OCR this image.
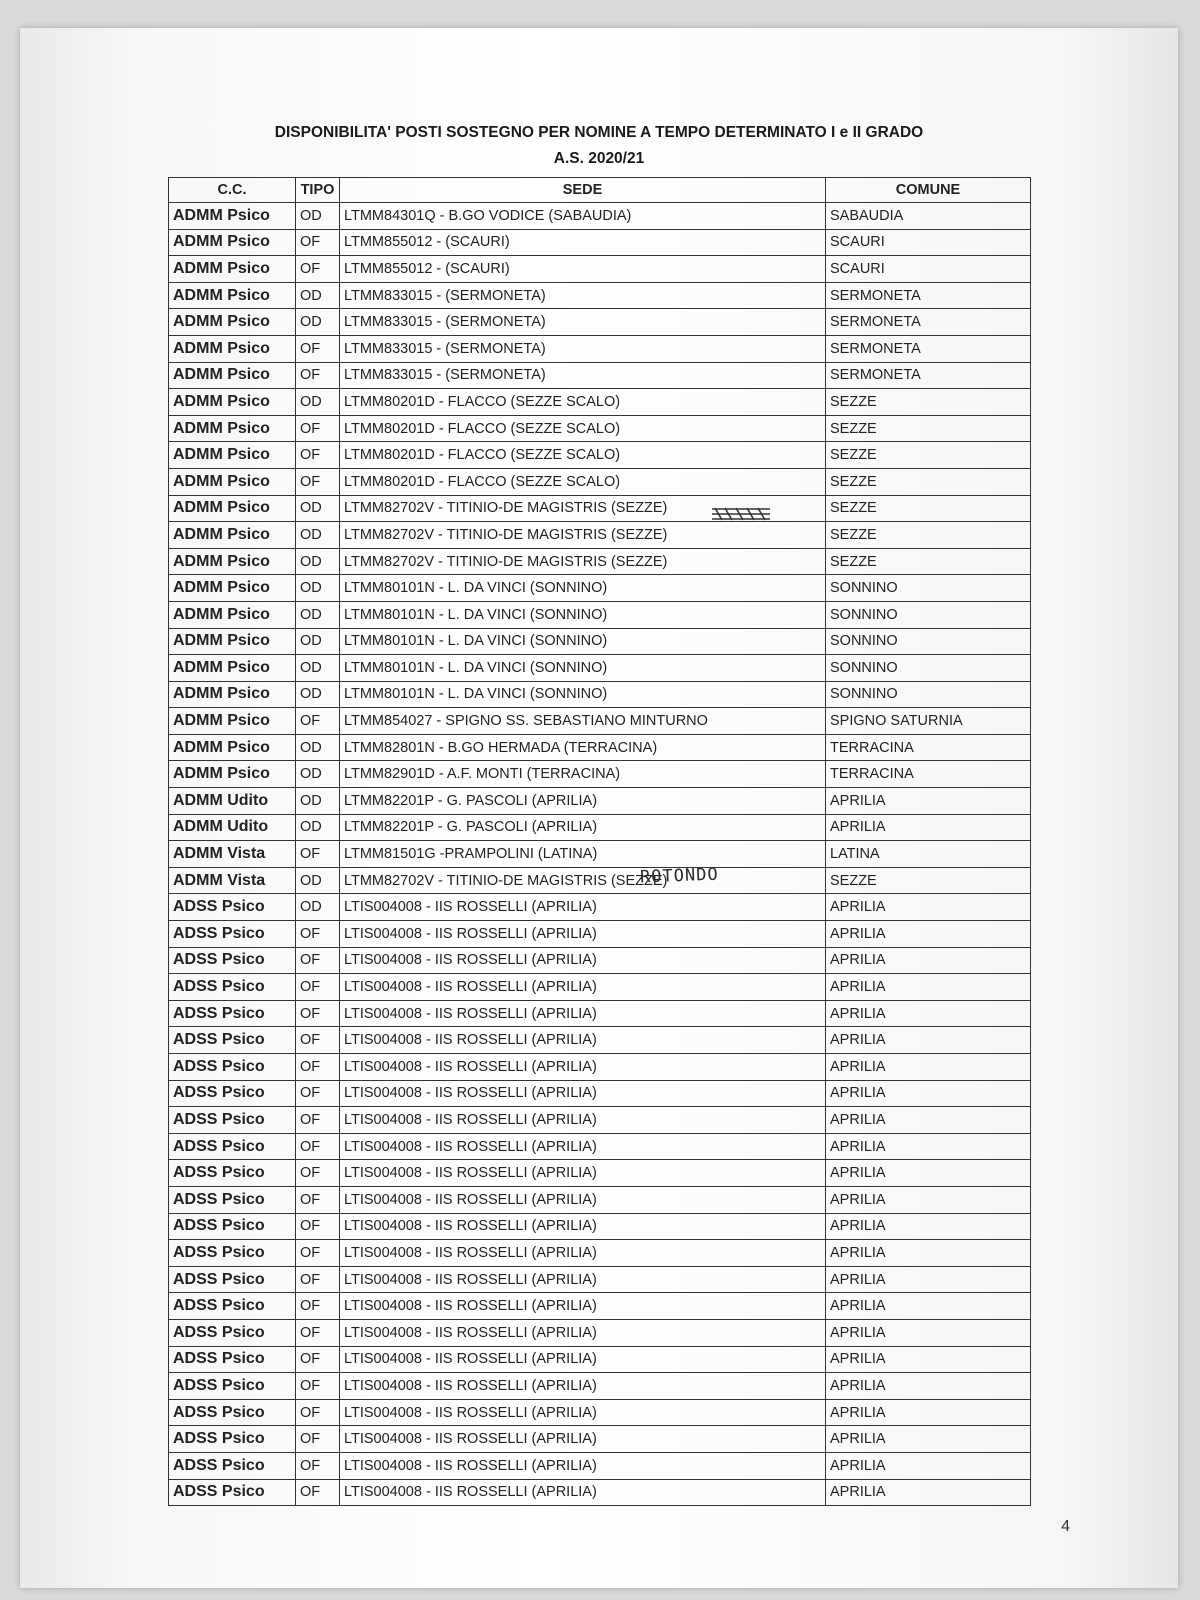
DISPONIBILITA' POSTI SOSTEGNO PER NOMINE A TEMPO DETERMINATO I e II GRADO
A.S. 2020/21
C.C.	TIPO	SEDE	COMUNE
ADMM Psico	OD	LTMM84301Q - B.GO VODICE (SABAUDIA)	SABAUDIA
ADMM Psico	OF	LTMM855012 - (SCAURI)	SCAURI
ADMM Psico	OF	LTMM855012 - (SCAURI)	SCAURI
ADMM Psico	OD	LTMM833015 - (SERMONETA)	SERMONETA
ADMM Psico	OD	LTMM833015 - (SERMONETA)	SERMONETA
ADMM Psico	OF	LTMM833015 - (SERMONETA)	SERMONETA
ADMM Psico	OF	LTMM833015 - (SERMONETA)	SERMONETA
ADMM Psico	OD	LTMM80201D - FLACCO (SEZZE SCALO)	SEZZE
ADMM Psico	OF	LTMM80201D - FLACCO (SEZZE SCALO)	SEZZE
ADMM Psico	OF	LTMM80201D - FLACCO (SEZZE SCALO)	SEZZE
ADMM Psico	OF	LTMM80201D - FLACCO (SEZZE SCALO)	SEZZE
ADMM Psico	OD	LTMM82702V - TITINIO-DE MAGISTRIS (SEZZE)	SEZZE
ADMM Psico	OD	LTMM82702V - TITINIO-DE MAGISTRIS (SEZZE)	SEZZE
ADMM Psico	OD	LTMM82702V - TITINIO-DE MAGISTRIS (SEZZE)	SEZZE
ADMM Psico	OD	LTMM80101N - L. DA VINCI (SONNINO)	SONNINO
ADMM Psico	OD	LTMM80101N - L. DA VINCI (SONNINO)	SONNINO
ADMM Psico	OD	LTMM80101N - L. DA VINCI (SONNINO)	SONNINO
ADMM Psico	OD	LTMM80101N - L. DA VINCI (SONNINO)	SONNINO
ADMM Psico	OD	LTMM80101N - L. DA VINCI (SONNINO)	SONNINO
ADMM Psico	OF	LTMM854027 - SPIGNO SS. SEBASTIANO MINTURNO	SPIGNO SATURNIA
ADMM Psico	OD	LTMM82801N - B.GO HERMADA (TERRACINA)	TERRACINA
ADMM Psico	OD	LTMM82901D - A.F. MONTI (TERRACINA)	TERRACINA
ADMM Udito	OD	LTMM82201P - G. PASCOLI (APRILIA)	APRILIA
ADMM Udito	OD	LTMM82201P - G. PASCOLI (APRILIA)	APRILIA
ADMM Vista	OF	LTMM81501G -PRAMPOLINI (LATINA)	LATINA
ADMM Vista	OD	LTMM82702V - TITINIO-DE MAGISTRIS (SEZZE)	SEZZE
ADSS Psico	OD	LTIS004008 - IIS ROSSELLI (APRILIA)	APRILIA
ADSS Psico	OF	LTIS004008 - IIS ROSSELLI (APRILIA)	APRILIA
ADSS Psico	OF	LTIS004008 - IIS ROSSELLI (APRILIA)	APRILIA
ADSS Psico	OF	LTIS004008 - IIS ROSSELLI (APRILIA)	APRILIA
ADSS Psico	OF	LTIS004008 - IIS ROSSELLI (APRILIA)	APRILIA
ADSS Psico	OF	LTIS004008 - IIS ROSSELLI (APRILIA)	APRILIA
ADSS Psico	OF	LTIS004008 - IIS ROSSELLI (APRILIA)	APRILIA
ADSS Psico	OF	LTIS004008 - IIS ROSSELLI (APRILIA)	APRILIA
ADSS Psico	OF	LTIS004008 - IIS ROSSELLI (APRILIA)	APRILIA
ADSS Psico	OF	LTIS004008 - IIS ROSSELLI (APRILIA)	APRILIA
ADSS Psico	OF	LTIS004008 - IIS ROSSELLI (APRILIA)	APRILIA
ADSS Psico	OF	LTIS004008 - IIS ROSSELLI (APRILIA)	APRILIA
ADSS Psico	OF	LTIS004008 - IIS ROSSELLI (APRILIA)	APRILIA
ADSS Psico	OF	LTIS004008 - IIS ROSSELLI (APRILIA)	APRILIA
ADSS Psico	OF	LTIS004008 - IIS ROSSELLI (APRILIA)	APRILIA
ADSS Psico	OF	LTIS004008 - IIS ROSSELLI (APRILIA)	APRILIA
ADSS Psico	OF	LTIS004008 - IIS ROSSELLI (APRILIA)	APRILIA
ADSS Psico	OF	LTIS004008 - IIS ROSSELLI (APRILIA)	APRILIA
ADSS Psico	OF	LTIS004008 - IIS ROSSELLI (APRILIA)	APRILIA
ADSS Psico	OF	LTIS004008 - IIS ROSSELLI (APRILIA)	APRILIA
ADSS Psico	OF	LTIS004008 - IIS ROSSELLI (APRILIA)	APRILIA
ADSS Psico	OF	LTIS004008 - IIS ROSSELLI (APRILIA)	APRILIA
ADSS Psico	OF	LTIS004008 - IIS ROSSELLI (APRILIA)	APRILIA
ROTONDO
4
